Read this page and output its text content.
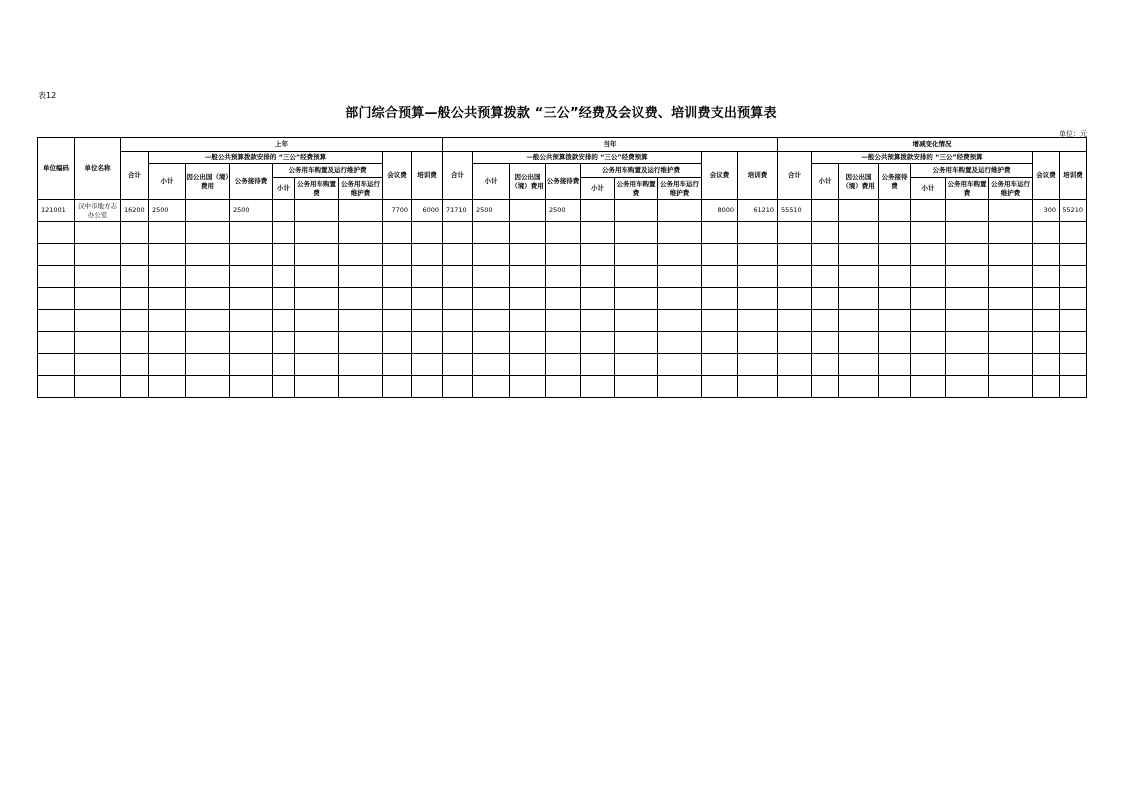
表12
部门综合预算—般公共预算拨款 “三公”经费及会议费、培训费支出预算表
单位：元
单位编码	单位名称	上年									当年									增减变化情况								
		合计	—般公共预算拨款安排的 “三公”经费预算						会议费	培训费	合计	—般公共预算拨款安排的 “三公”经费预算						会议费	培训费	合计	—般公共预算拨款安排的 “三公”经费预算						会议费	培训费
			小计	因公出国（境）费用	公务接待费	公务用车购置及运行维护费						小计	因公出国（境）费用	公务接待费	公务用车购置及运行维护费						小计	因公出国（境）费用	公务接待费	公务用车购置及运行维护费				
						小计	公务用车购置费	公务用车运行维护费							小计	公务用车购置费	公务用车运行维护费							小计	公务用车购置费	公务用车运行维护费		
121001	汉中市地方志办公室	16200	2500		2500				7700	6000	71710	2500		2500				8000	61210	55510							300	55210
